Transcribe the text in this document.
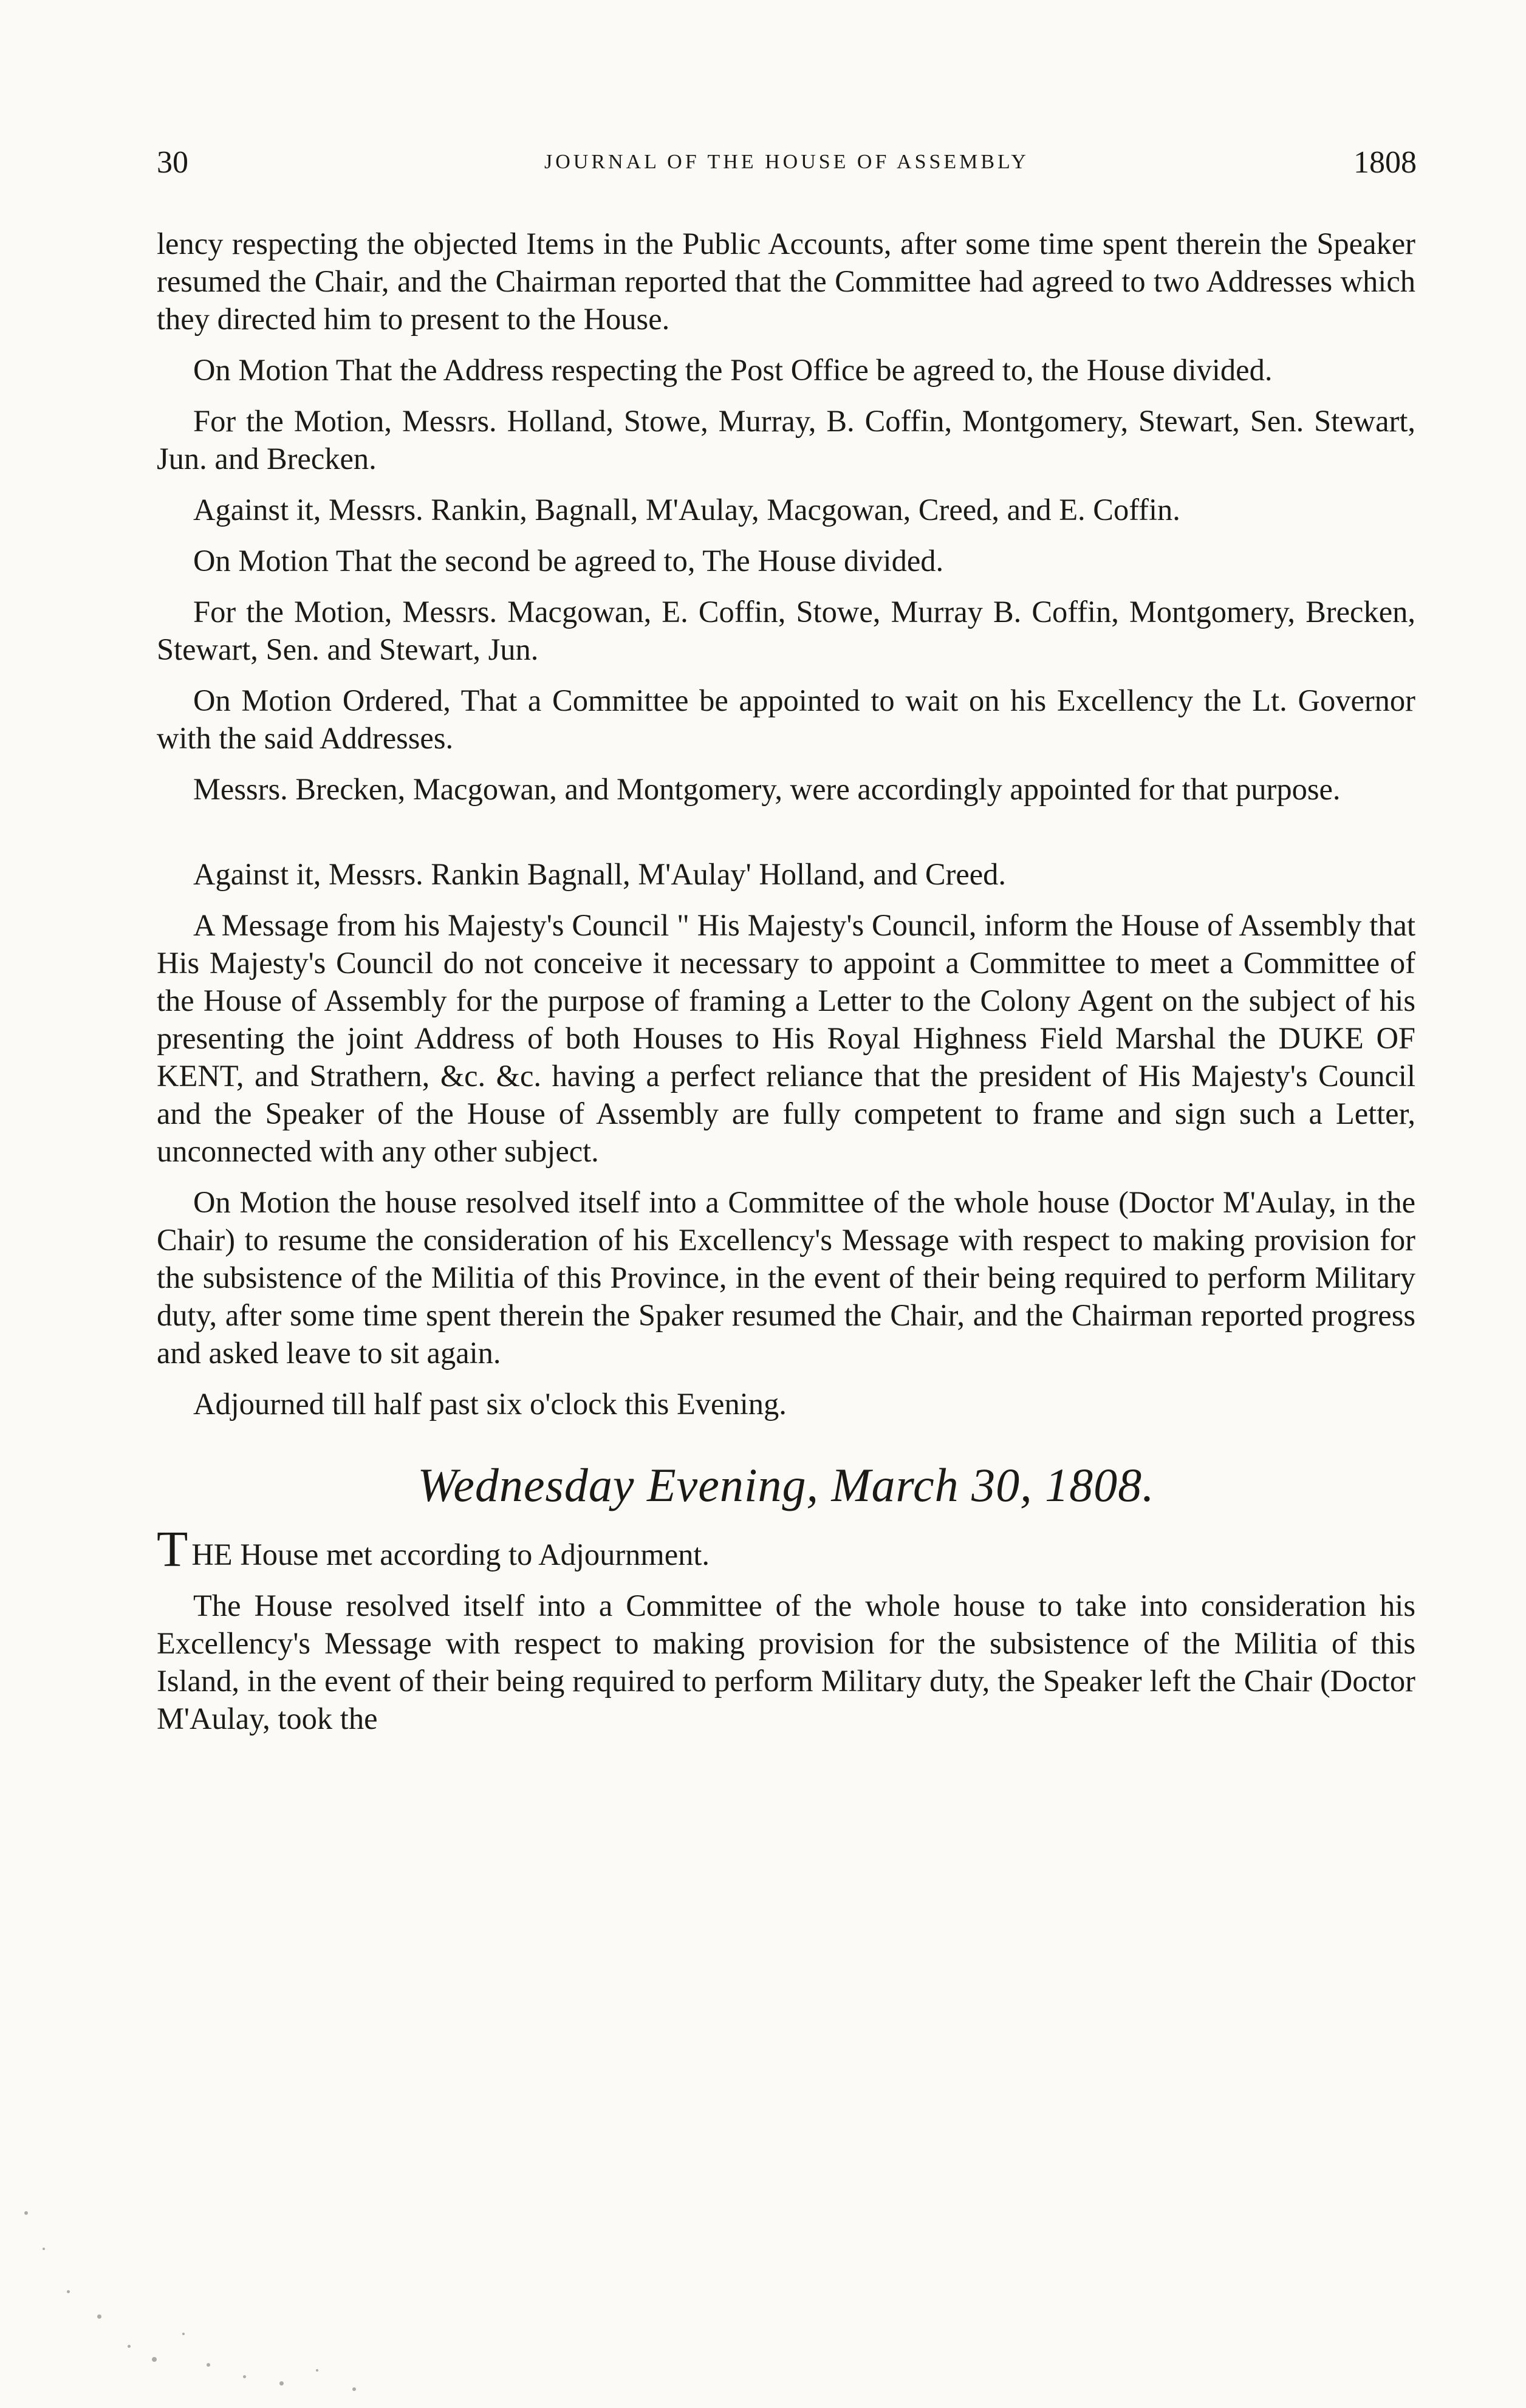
30	JOURNAL OF THE HOUSE OF ASSEMBLY	1808

lency respecting the objected Items in the Public Accounts, after some time spent therein the Speaker resumed the Chair, and the Chairman reported that the Committee had agreed to two Addresses which they directed him to present to the House.

On Motion That the Address respecting the Post Office be agreed to, the House divided.

For the Motion, Messrs. Holland, Stowe, Murray, B. Coffin, Montgomery, Stewart, Sen. Stewart, Jun. and Brecken.

Against it, Messrs. Rankin, Bagnall, M'Aulay, Macgowan, Creed, and E. Coffin.

On Motion That the second be agreed to, The House divided.

For the Motion, Messrs. Macgowan, E. Coffin, Stowe, Murray B. Coffin, Montgomery, Brecken, Stewart, Sen. and Stewart, Jun.

On Motion Ordered, That a Committee be appointed to wait on his Excellency the Lt. Governor with the said Addresses.

Messrs. Brecken, Macgowan, and Montgomery, were accordingly appointed for that purpose.

Against it, Messrs. Rankin Bagnall, M'Aulay' Holland, and Creed.

A Message from his Majesty's Council " His Majesty's Council, inform the House of Assembly that His Majesty's Council do not conceive it necessary to appoint a Committee to meet a Committee of the House of Assembly for the purpose of framing a Letter to the Colony Agent on the subject of his presenting the joint Address of both Houses to His Royal Highness Field Marshal the DUKE OF KENT, and Strathern, &c. &c. having a perfect reliance that the president of His Majesty's Council and the Speaker of the House of Assembly are fully competent to frame and sign such a Letter, unconnected with any other subject.

On Motion the house resolved itself into a Committee of the whole house (Doctor M'Aulay, in the Chair) to resume the consideration of his Excellency's Message with respect to making provision for the subsistence of the Militia of this Province, in the event of their being required to perform Military duty, after some time spent therein the Spaker resumed the Chair, and the Chairman reported progress and asked leave to sit again.

Adjourned till half past six o'clock this Evening.

Wednesday Evening, March 30, 1808.

THE House met according to Adjournment.

The House resolved itself into a Committee of the whole house to take into consideration his Excellency's Message with respect to making provision for the subsistence of the Militia of this Island, in the event of their being required to perform Military duty, the Speaker left the Chair (Doctor M'Aulay, took the
